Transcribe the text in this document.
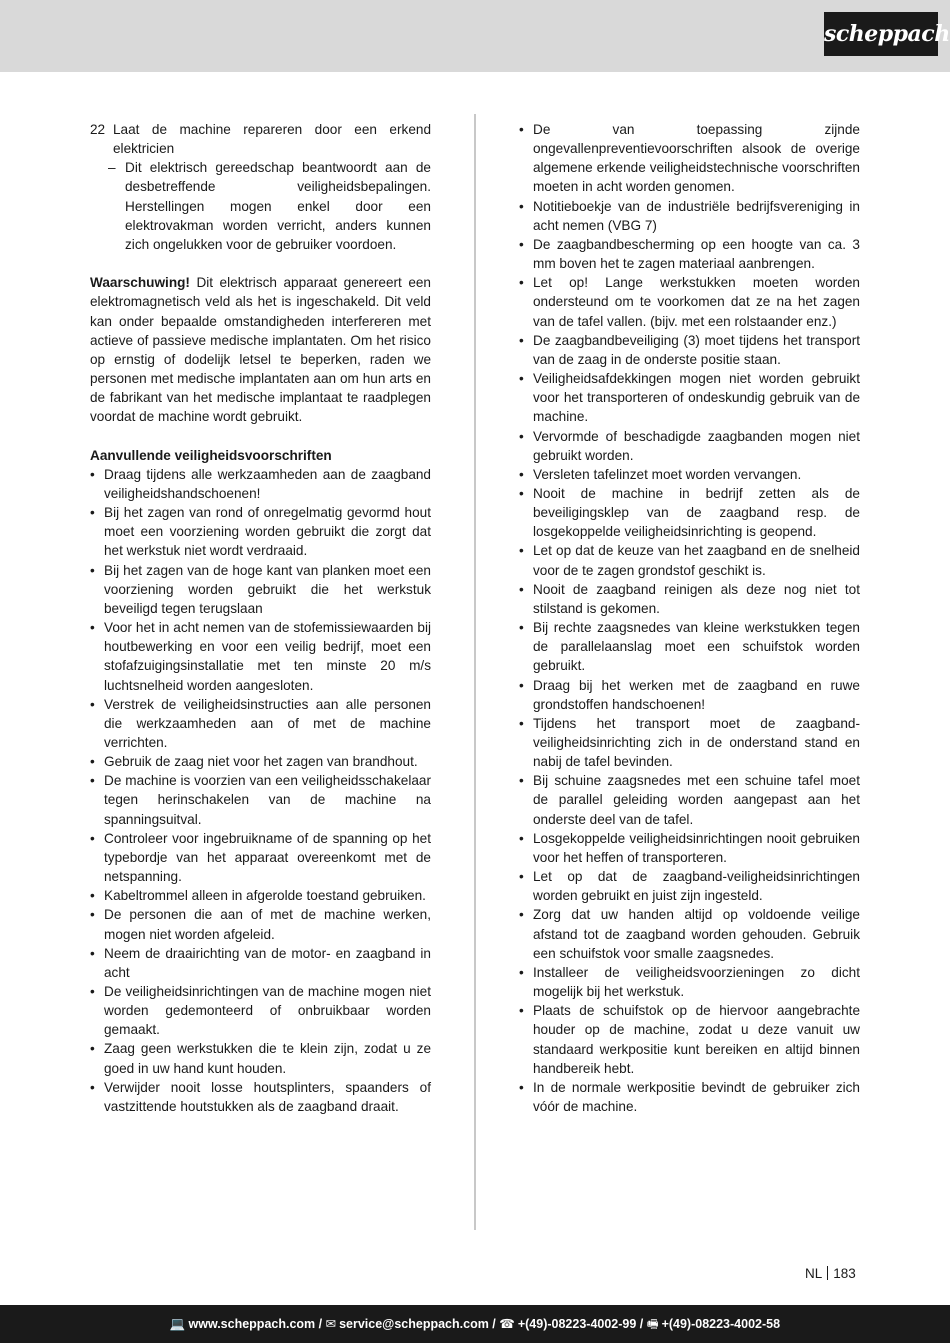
scheppach
22 Laat de machine repareren door een erkend elektricien
– Dit elektrisch gereedschap beantwoordt aan de desbetreffende veiligheidsbepalingen. Herstellingen mogen enkel door een elektrovakman worden verricht, anders kunnen zich ongelukken voor de gebruiker voordoen.
Waarschuwing! Dit elektrisch apparaat genereert een elektromagnetisch veld als het is ingeschakeld. Dit veld kan onder bepaalde omstandigheden interfereren met actieve of passieve medische implantaten. Om het risico op ernstig of dodelijk letsel te beperken, raden we personen met medische implantaten aan om hun arts en de fabrikant van het medische implantaat te raadplegen voordat de machine wordt gebruikt.
Aanvullende veiligheidsvoorschriften
• Draag tijdens alle werkzaamheden aan de zaagband veiligheidshandschoenen!
• Bij het zagen van rond of onregelmatig gevormd hout moet een voorziening worden gebruikt die zorgt dat het werkstuk niet wordt verdraaid.
• Bij het zagen van de hoge kant van planken moet een voorziening worden gebruikt die het werkstuk beveiligd tegen terugslaan
• Voor het in acht nemen van de stofemissiewaarden bij houtbewerking en voor een veilig bedrijf, moet een stofafzuigingsinstallatie met ten minste 20 m/s luchtsnelheid worden aangesloten.
• Verstrek de veiligheidsinstructies aan alle personen die werkzaamheden aan of met de machine verrichten.
• Gebruik de zaag niet voor het zagen van brandhout.
• De machine is voorzien van een veiligheidsschakelaar tegen herinschakelen van de machine na spanningsuitval.
• Controleer voor ingebruikname of de spanning op het typebordje van het apparaat overeenkomt met de netspanning.
• Kabeltrommel alleen in afgerolde toestand gebruiken.
• De personen die aan of met de machine werken, mogen niet worden afgeleid.
• Neem de draairichting van de motor- en zaagband in acht
• De veiligheidsinrichtingen van de machine mogen niet worden gedemonteerd of onbruikbaar worden gemaakt.
• Zaag geen werkstukken die te klein zijn, zodat u ze goed in uw hand kunt houden.
• Verwijder nooit losse houtsplinters, spaanders of vastzittende houtstukken als de zaagband draait.
• De van toepassing zijnde ongevallenpreventievoorschriften alsook de overige algemene erkende veiligheidstechnische voorschriften moeten in acht worden genomen.
• Notitieboekje van de industriële bedrijfsvereniging in acht nemen (VBG 7)
• De zaagbandbescherming op een hoogte van ca. 3 mm boven het te zagen materiaal aanbrengen.
• Let op! Lange werkstukken moeten worden ondersteund om te voorkomen dat ze na het zagen van de tafel vallen. (bijv. met een rolstaander enz.)
• De zaagbandbeveiliging (3) moet tijdens het transport van de zaag in de onderste positie staan.
• Veiligheidsafdekkingen mogen niet worden gebruikt voor het transporteren of ondeskundig gebruik van de machine.
• Vervormde of beschadigde zaagbanden mogen niet gebruikt worden.
• Versleten tafelinzet moet worden vervangen.
• Nooit de machine in bedrijf zetten als de beveiligingsklep van de zaagband resp. de losgekoppelde veiligheidsinrichting is geopend.
• Let op dat de keuze van het zaagband en de snelheid voor de te zagen grondstof geschikt is.
• Nooit de zaagband reinigen als deze nog niet tot stilstand is gekomen.
• Bij rechte zaagsnedes van kleine werkstukken tegen de parallelaanslag moet een schuifstok worden gebruikt.
• Draag bij het werken met de zaagband en ruwe grondstoffen handschoenen!
• Tijdens het transport moet de zaagband-veiligheidsinrichting zich in de onderstand stand en nabij de tafel bevinden.
• Bij schuine zaagsnedes met een schuine tafel moet de parallel geleiding worden aangepast aan het onderste deel van de tafel.
• Losgekoppelde veiligheidsinrichtingen nooit gebruiken voor het heffen of transporteren.
• Let op dat de zaagband-veiligheidsinrichtingen worden gebruikt en juist zijn ingesteld.
• Zorg dat uw handen altijd op voldoende veilige afstand tot de zaagband worden gehouden. Gebruik een schuifstok voor smalle zaagsnedes.
• Installeer de veiligheidsvoorzieningen zo dicht mogelijk bij het werkstuk.
• Plaats de schuifstok op de hiervoor aangebrachte houder op de machine, zodat u deze vanuit uw standaard werkpositie kunt bereiken en altijd binnen handbereik hebt.
• In de normale werkpositie bevindt de gebruiker zich vóór de machine.
NL 183
💻 www.scheppach.com / ✉ service@scheppach.com / ☎ +(49)-08223-4002-99 / 🖷 +(49)-08223-4002-58
